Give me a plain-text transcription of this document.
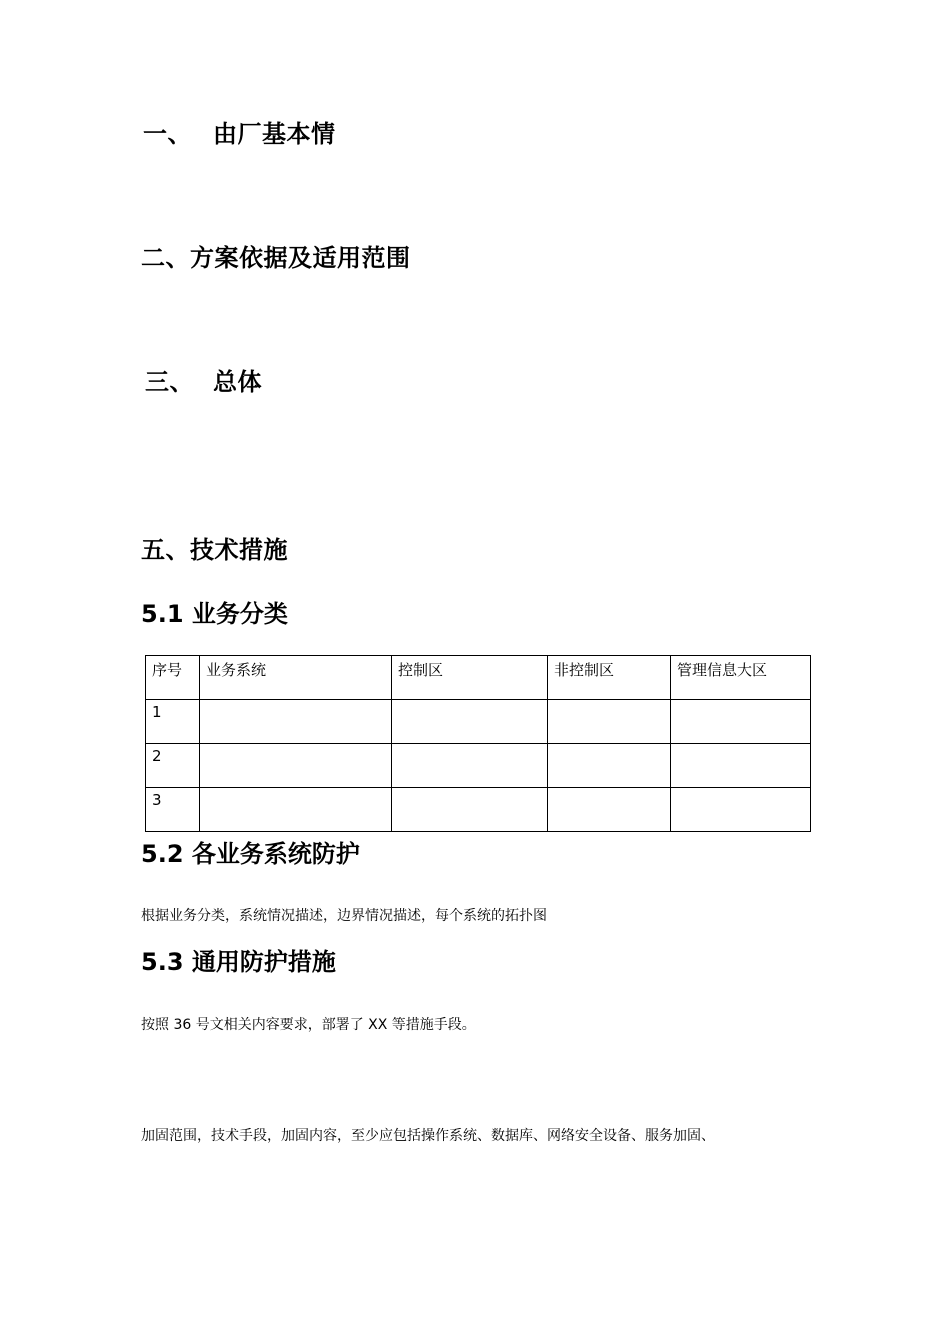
一、 由厂基本情
二、方案依据及适用范围
三、 总体
五、技术措施
5.1 业务分类
序号	业务系统	控制区	非控制区	管理信息大区
1				
2				
3				
5.2 各业务系统防护
根据业务分类，系统情况描述，边界情况描述，每个系统的拓扑图
5.3 通用防护措施
按照 36 号文相关内容要求，部署了 XX 等措施手段。
加固范围，技术手段，加固内容，至少应包括操作系统、数据库、网络安全设备、服务加固、
